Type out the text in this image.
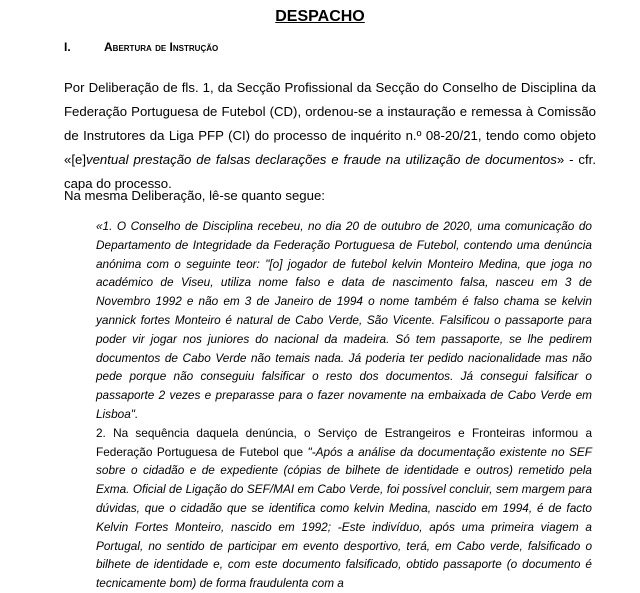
DESPACHO
I.	Abertura de Instrução
Por Deliberação de fls. 1, da Secção Profissional da Secção do Conselho de Disciplina da Federação Portuguesa de Futebol (CD), ordenou-se a instauração e remessa à Comissão de Instrutores da Liga PFP (CI) do processo de inquérito n.º 08-20/21, tendo como objeto «[e]ventual prestação de falsas declarações e fraude na utilização de documentos» - cfr. capa do processo.
Na mesma Deliberação, lê-se quanto segue:

«1. O Conselho de Disciplina recebeu, no dia 20 de outubro de 2020, uma comunicação do Departamento de Integridade da Federação Portuguesa de Futebol, contendo uma denúncia anónima com o seguinte teor: "[o] jogador de futebol kelvin Monteiro Medina, que joga no académico de Viseu, utiliza nome falso e data de nascimento falsa, nasceu em 3 de Novembro 1992 e não em 3 de Janeiro de 1994 o nome também é falso chama se kelvin yannick fortes Monteiro é natural de Cabo Verde, São Vicente. Falsificou o passaporte para poder vir jogar nos juniores do nacional da madeira. Só tem passaporte, se lhe pedirem documentos de Cabo Verde não temais nada. Já poderia ter pedido nacionalidade mas não pede porque não conseguiu falsificar o resto dos documentos. Já consegui falsificar o passaporte 2 vezes e preparasse para o fazer novamente na embaixada de Cabo Verde em Lisboa".

2. Na sequência daquela denúncia, o Serviço de Estrangeiros e Fronteiras informou a Federação Portuguesa de Futebol que "-Após a análise da documentação existente no SEF sobre o cidadão e de expediente (cópias de bilhete de identidade e outros) remetido pela Exma. Oficial de Ligação do SEF/MAI em Cabo Verde, foi possível concluir, sem margem para dúvidas, que o cidadão que se identifica como kelvin Medina, nascido em 1994, é de facto Kelvin Fortes Monteiro, nascido em 1992; -Este indivíduo, após uma primeira viagem a Portugal, no sentido de participar em evento desportivo, terá, em Cabo verde, falsificado o bilhete de identidade e, com este documento falsificado, obtido passaporte (o documento é tecnicamente bom) de forma fraudulenta com a
